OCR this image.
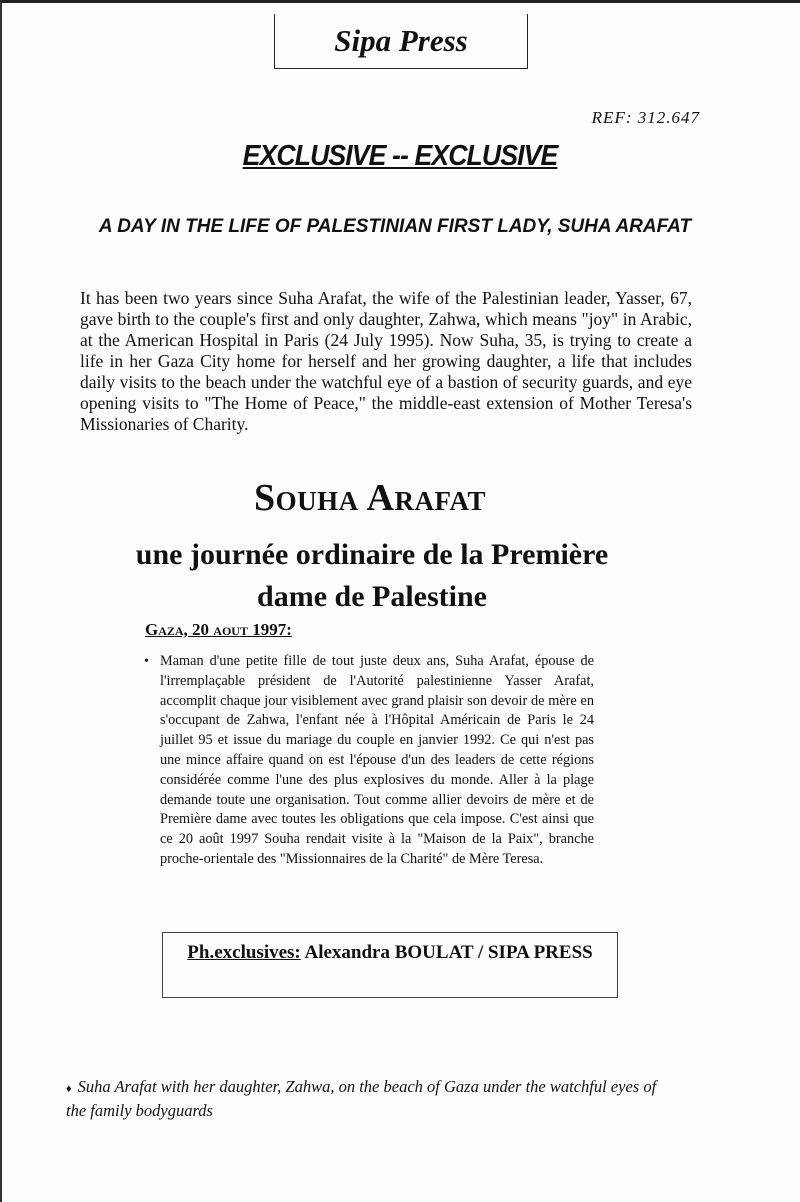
Sipa Press
REF: 312.647
EXCLUSIVE -- EXCLUSIVE
A DAY IN THE LIFE OF PALESTINIAN FIRST LADY, SUHA ARAFAT
It has been two years since Suha Arafat, the wife of the Palestinian leader, Yasser, 67, gave birth to the couple's first and only daughter, Zahwa, which means "joy" in Arabic, at the American Hospital in Paris (24 July 1995). Now Suha, 35, is trying to create a life in her Gaza City home for herself and her growing daughter, a life that includes daily visits to the beach under the watchful eye of a bastion of security guards, and eye opening visits to "The Home of Peace," the middle-east extension of Mother Teresa's Missionaries of Charity.
Souha Arafat
une journée ordinaire de la Première dame de Palestine
Gaza, 20 aout 1997:
• Maman d'une petite fille de tout juste deux ans, Suha Arafat, épouse de l'irremplaçable président de l'Autorité palestinienne Yasser Arafat, accomplit chaque jour visiblement avec grand plaisir son devoir de mère en s'occupant de Zahwa, l'enfant née à l'Hôpital Américain de Paris le 24 juillet 95 et issue du mariage du couple en janvier 1992. Ce qui n'est pas une mince affaire quand on est l'épouse d'un des leaders de cette régions considérée comme l'une des plus explosives du monde. Aller à la plage demande toute une organisation. Tout comme allier devoirs de mère et de Première dame avec toutes les obligations que cela impose. C'est ainsi que ce 20 août 1997 Souha rendait visite à la "Maison de la Paix", branche proche-orientale des "Missionnaires de la Charité" de Mère Teresa.
Ph.exclusives: Alexandra BOULAT / SIPA PRESS
♦ Suha Arafat with her daughter, Zahwa, on the beach of Gaza under the watchful eyes of the family bodyguards
